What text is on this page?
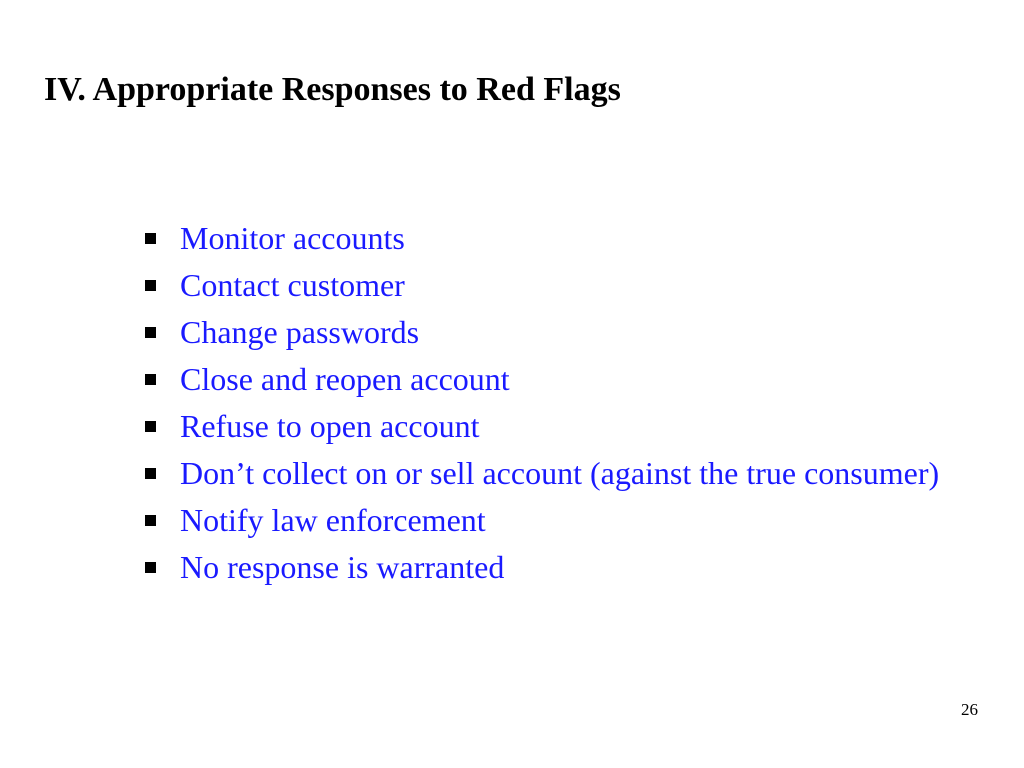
IV. Appropriate Responses to Red Flags
Monitor accounts
Contact customer
Change passwords
Close and reopen account
Refuse to open account
Don’t collect on or sell account (against the true consumer)
Notify law enforcement
No response is warranted
26
